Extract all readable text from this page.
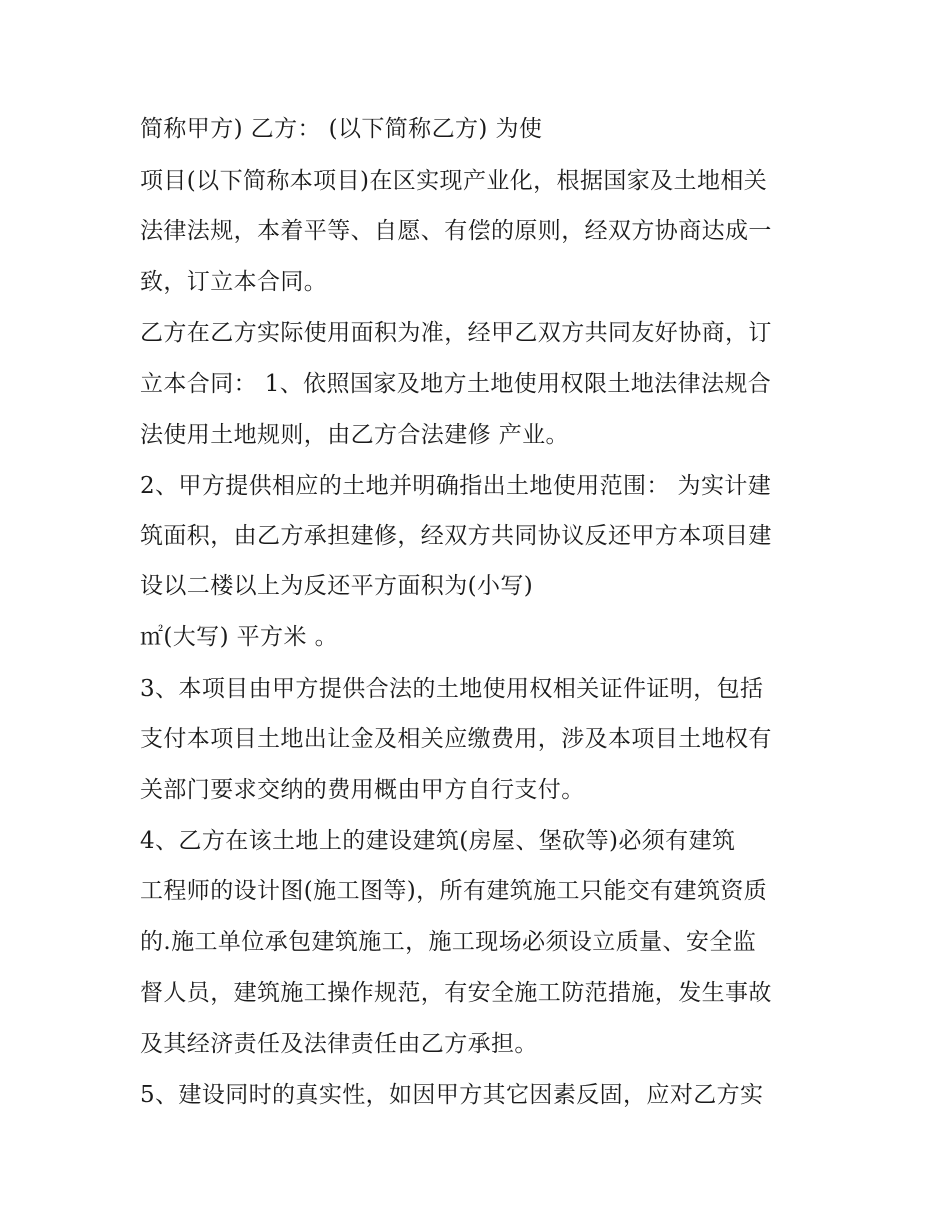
简称甲方) 乙方： (以下简称乙方) 为使
项目(以下简称本项目)在区实现产业化，根据国家及土地相关
法律法规，本着平等、自愿、有偿的原则，经双方协商达成一
致，订立本合同。
乙方在乙方实际使用面积为准，经甲乙双方共同友好协商，订
立本合同： 1、依照国家及地方土地使用权限土地法律法规合
法使用土地规则，由乙方合法建修 产业。
2、甲方提供相应的土地并明确指出土地使用范围： 为实计建
筑面积，由乙方承担建修，经双方共同协议反还甲方本项目建
设以二楼以上为反还平方面积为(小写)
㎡(大写) 平方米 。
3、本项目由甲方提供合法的土地使用权相关证件证明，包括
支付本项目土地出让金及相关应缴费用，涉及本项目土地权有
关部门要求交纳的费用概由甲方自行支付。
4、乙方在该土地上的建设建筑(房屋、堡砍等)必须有建筑
工程师的设计图(施工图等)，所有建筑施工只能交有建筑资质
的.施工单位承包建筑施工，施工现场必须设立质量、安全监
督人员，建筑施工操作规范，有安全施工防范措施，发生事故
及其经济责任及法律责任由乙方承担。
5、建设同时的真实性，如因甲方其它因素反固，应对乙方实
